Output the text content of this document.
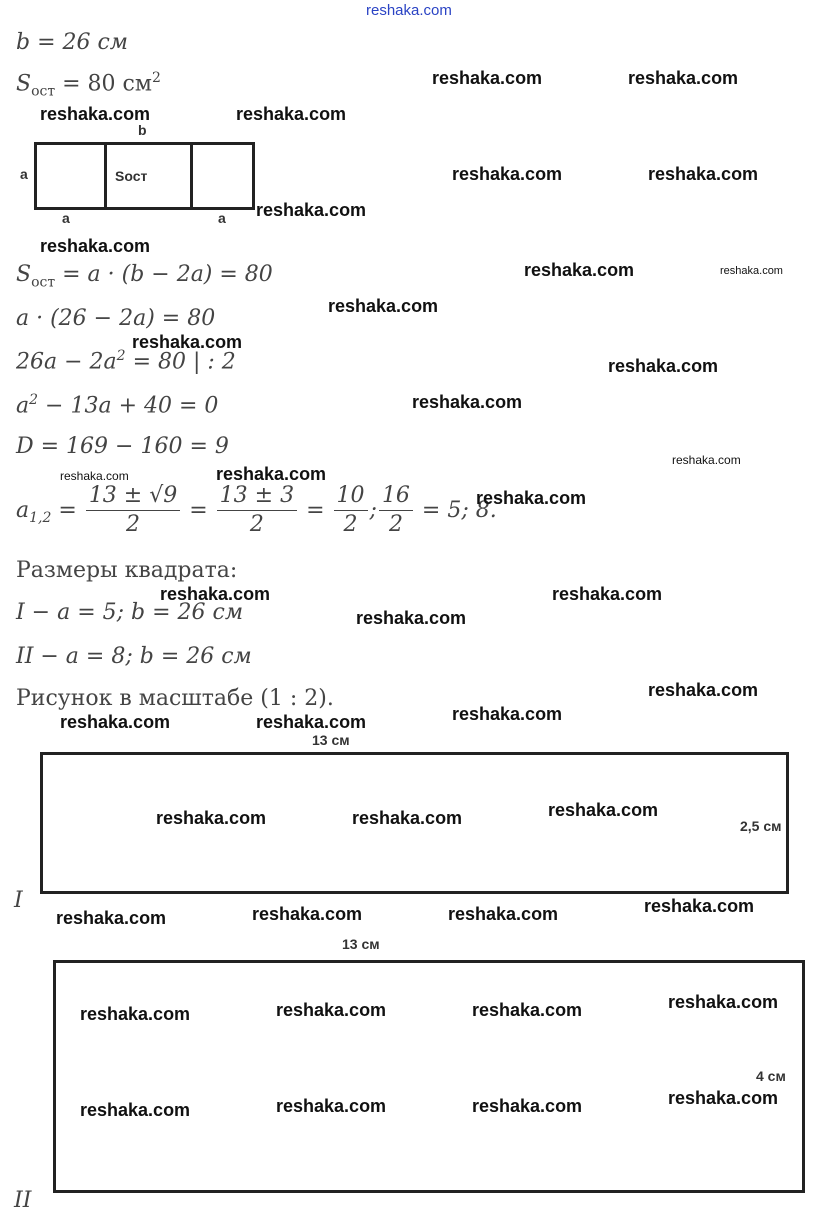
reshaka.com
b = 26 см
$S_{ост} = 80$ $см^2$
b
a
a	a
Sост
$S_{ост} = a \cdot (b - 2a) = 80$
a · (26 − 2a) = 80
$26a - 2a^2 = 80$ | : 2
$a^2 - 13a + 40 = 0$
D = 169 − 160 = 9
$a_{1,2} = \frac{13 \pm √9}{2} = \frac{13 \pm 3}{2} = \frac{10}{2}$ ; $\frac{16}{2} = 5$; 8.
Размеры квадрата:
I − a = 5; b = 26 см
II − a = 8; b = 26 см
Рисунок в масштабе (1 : 2).
13 см
2,5 см
I
13 см
4 см
II
reshaka.com	reshaka.com
reshaka.com	reshaka.com
reshaka.com	reshaka.com
reshaka.com
reshaka.com
reshaka.com	reshaka.com
reshaka.com
reshaka.com
reshaka.com
reshaka.com
reshaka.com
reshaka.com	reshaka.com
reshaka.com
reshaka.com	reshaka.com
reshaka.com
reshaka.com
reshaka.com
reshaka.com	reshaka.com
reshaka.com
reshaka.com	reshaka.com
reshaka.com
reshaka.com	reshaka.com
reshaka.com
reshaka.com
reshaka.com	reshaka.com
reshaka.com
reshaka.com
reshaka.com	reshaka.com
reshaka.com
